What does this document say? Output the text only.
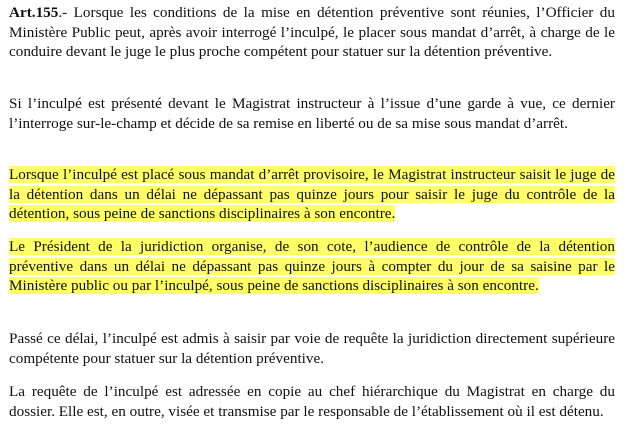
Art.155.- Lorsque les conditions de la mise en détention préventive sont réunies, l’Officier du Ministère Public peut, après avoir interrogé l’inculpé, le placer sous mandat d’arrêt, à charge de le conduire devant le juge le plus proche compétent pour statuer sur la détention préventive.

Si l’inculpé est présenté devant le Magistrat instructeur à l’issue d’une garde à vue, ce dernier l’interroge sur-le-champ et décide de sa remise en liberté ou de sa mise sous mandat d’arrêt.

Lorsque l’inculpé est placé sous mandat d’arrêt provisoire, le Magistrat instructeur saisit le juge de la détention dans un délai ne dépassant pas quinze jours pour saisir le juge du contrôle de la détention, sous peine de sanctions disciplinaires à son encontre.

Le Président de la juridiction organise, de son cote, l’audience de contrôle de la détention préventive dans un délai ne dépassant pas quinze jours à compter du jour de sa saisine par le Ministère public ou par l’inculpé, sous peine de sanctions disciplinaires à son encontre.

Passé ce délai, l’inculpé est admis à saisir par voie de requête la juridiction directement supérieure compétente pour statuer sur la détention préventive.

La requête de l’inculpé est adressée en copie au chef hiérarchique du Magistrat en charge du dossier. Elle est, en outre, visée et transmise par le responsable de l’établissement où il est détenu.
